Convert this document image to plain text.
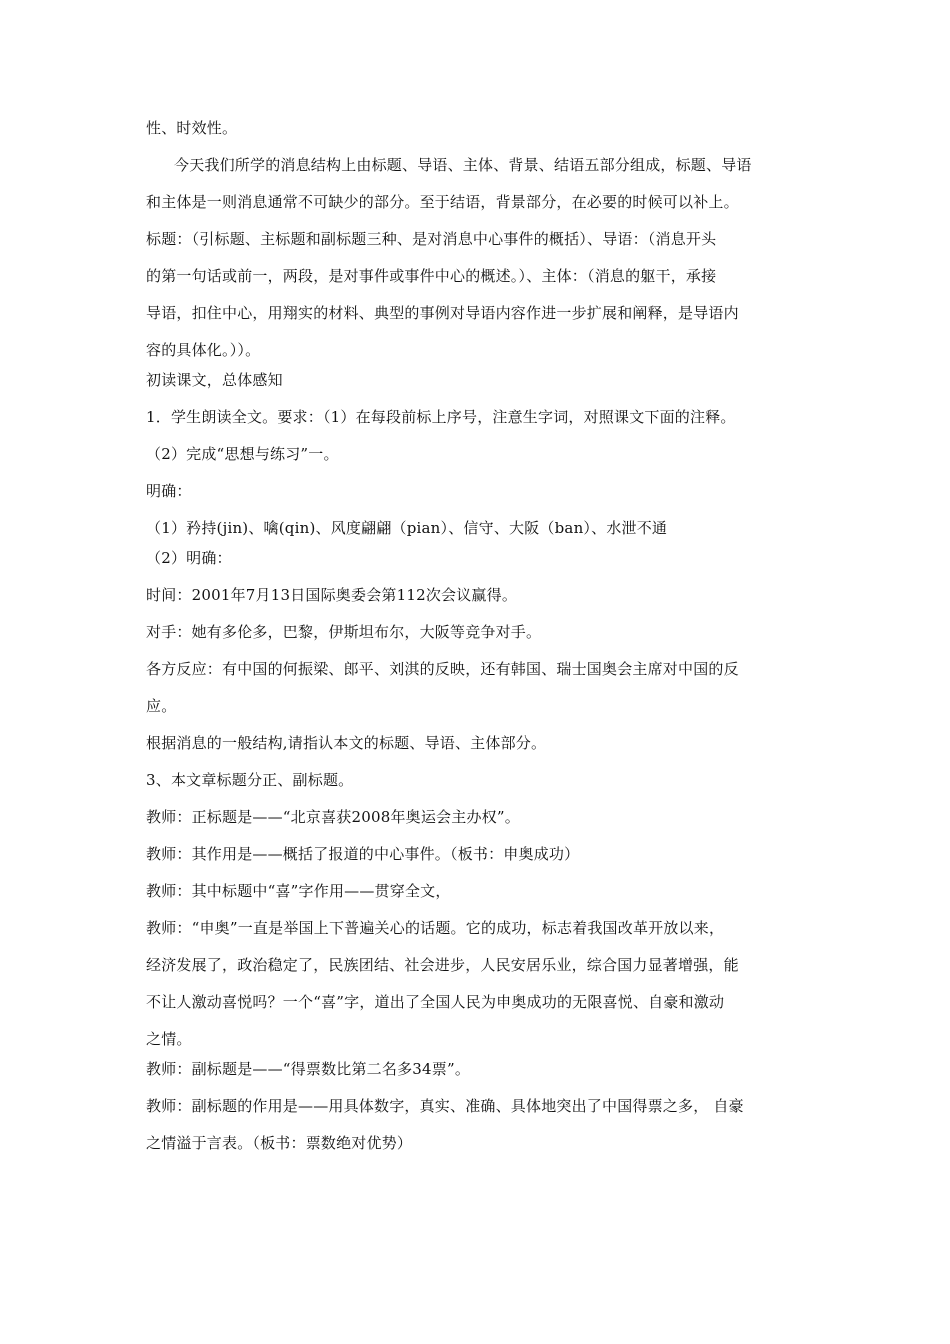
性、时效性。

今天我们所学的消息结构上由标题、导语、主体、背景、结语五部分组成，标题、导语

和主体是一则消息通常不可缺少的部分。至于结语，背景部分，在必要的时候可以补上。

标题：（引标题、主标题和副标题三种、是对消息中心事件的概括）、导语：（消息开头

的第一句话或前一，两段，是对事件或事件中心的概述。）、主体：（消息的躯干，承接

导语，扣住中心，用翔实的材料、典型的事例对导语内容作进一步扩展和阐释，是导语内

容的具体化。））。

初读课文，总体感知

1．学生朗读全文。要求：（1）在每段前标上序号，注意生字词，对照课文下面的注释。

（2）完成“思想与练习”一。

明确：

（1）矜持(jin)、噙(qin)、风度翩翩（pian）、信守、大阪（ban）、水泄不通

（2）明确：

时间：2001年7月13日国际奥委会第112次会议赢得。

对手：她有多伦多，巴黎，伊斯坦布尔，大阪等竞争对手。

各方反应：有中国的何振梁、郎平、刘淇的反映，还有韩国、瑞士国奥会主席对中国的反

应。

根据消息的一般结构,请指认本文的标题、导语、主体部分。

3、本文章标题分正、副标题。

教师：正标题是——“北京喜获2008年奥运会主办权”。

教师：其作用是——概括了报道的中心事件。（板书：申奥成功）

教师：其中标题中“喜”字作用——贯穿全文，

教师：“申奥”一直是举国上下普遍关心的话题。它的成功，标志着我国改革开放以来，

经济发展了，政治稳定了，民族团结、社会进步，人民安居乐业，综合国力显著增强，能

不让人激动喜悦吗？一个“喜”字，道出了全国人民为申奥成功的无限喜悦、自豪和激动

之情。

教师：副标题是——“得票数比第二名多34票”。

教师：副标题的作用是——用具体数字，真实、准确、具体地突出了中国得票之多， 自豪

之情溢于言表。（板书：票数绝对优势）
